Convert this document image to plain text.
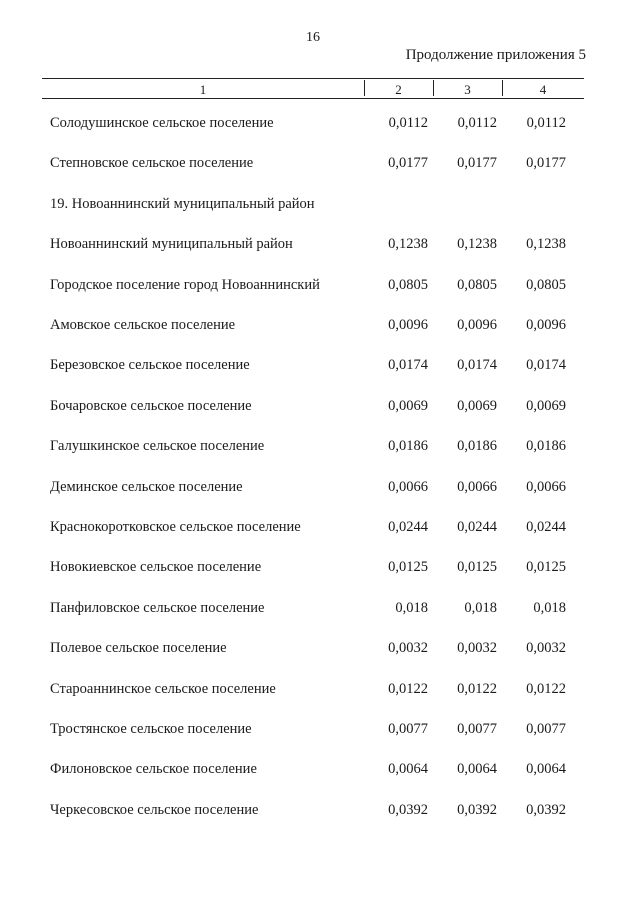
16
Продолжение приложения 5
1	2	3	4
Солодушинское сельское поселение	0,0112	0,0112	0,0112
Степновское сельское поселение	0,0177	0,0177	0,0177
19. Новоаннинский муниципальный район
Новоаннинский муниципальный район	0,1238	0,1238	0,1238
Городское поселение город Новоаннинский	0,0805	0,0805	0,0805
Амовское сельское поселение	0,0096	0,0096	0,0096
Березовское сельское поселение	0,0174	0,0174	0,0174
Бочаровское сельское поселение	0,0069	0,0069	0,0069
Галушкинское сельское поселение	0,0186	0,0186	0,0186
Деминское сельское поселение	0,0066	0,0066	0,0066
Краснокоротковское сельское поселение	0,0244	0,0244	0,0244
Новокиевское сельское поселение	0,0125	0,0125	0,0125
Панфиловское сельское поселение	0,018	0,018	0,018
Полевое сельское поселение	0,0032	0,0032	0,0032
Староаннинское сельское поселение	0,0122	0,0122	0,0122
Тростянское сельское поселение	0,0077	0,0077	0,0077
Филоновское сельское поселение	0,0064	0,0064	0,0064
Черкесовское сельское поселение	0,0392	0,0392	0,0392
